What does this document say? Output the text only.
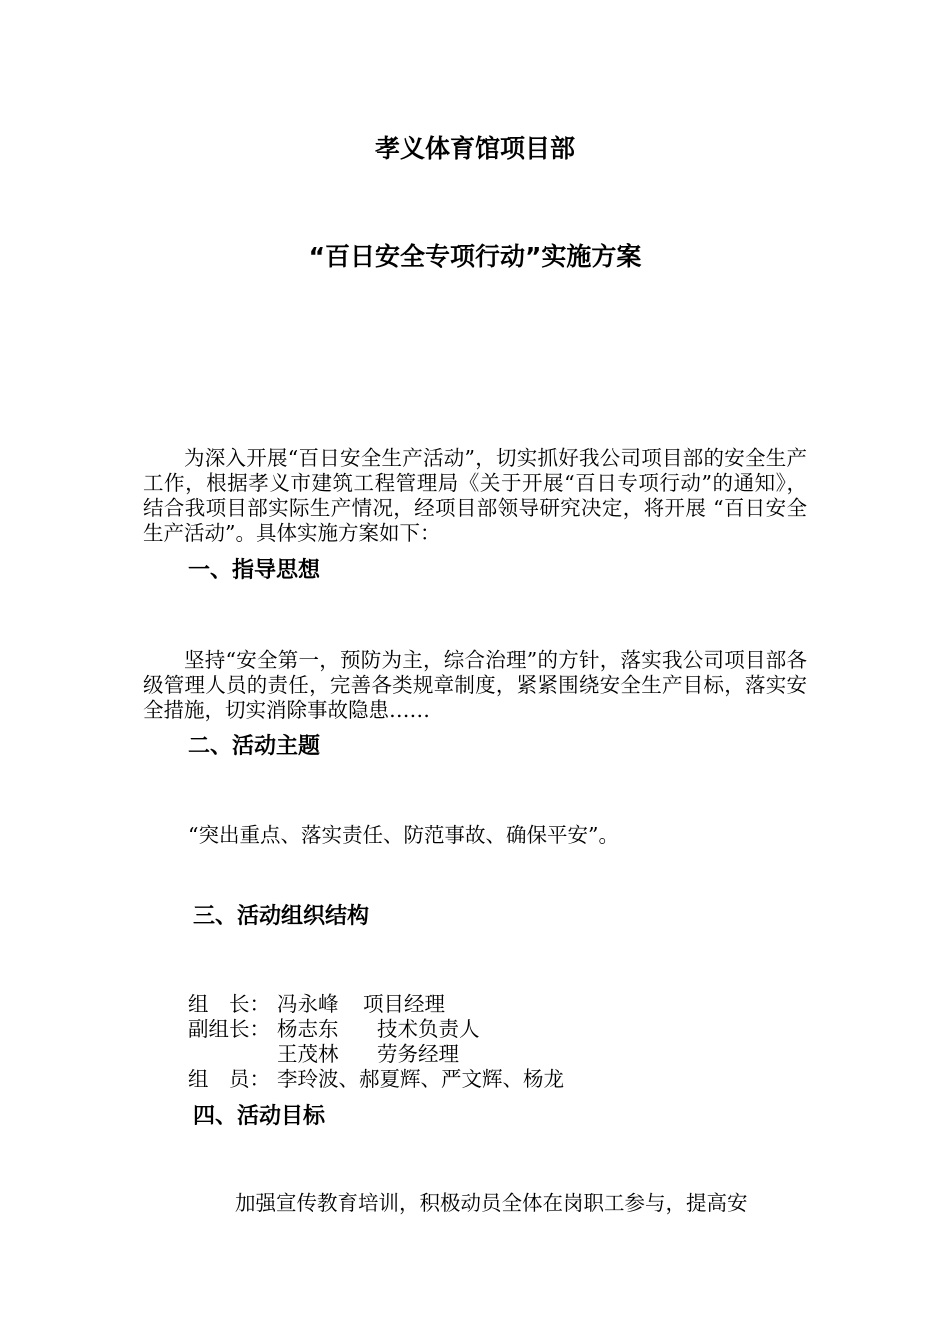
孝义体育馆项目部
“百日安全专项行动”实施方案
为深入开展“百日安全生产活动”，切实抓好我公司项目部的安全生产工作，根据孝义市建筑工程管理局《关于开展“百日专项行动”的通知》，结合我项目部实际生产情况，经项目部领导研究决定，将开展 “百日安全生产活动”。具体实施方案如下：
一、指导思想
坚持“安全第一，预防为主，综合治理”的方针，落实我公司项目部各级管理人员的责任，完善各类规章制度，紧紧围绕安全生产目标，落实安全措施，切实消除事故隐患……
二、活动主题
“突出重点、落实责任、防范事故、确保平安”。
三、活动组织结构
组　长： 冯永峰 项目经理
副组长： 杨志东 技术负责人
王茂林 劳务经理
组　员： 李玲波、郝夏辉、严文辉、杨龙
四、活动目标
加强宣传教育培训，积极动员全体在岗职工参与，提高安
